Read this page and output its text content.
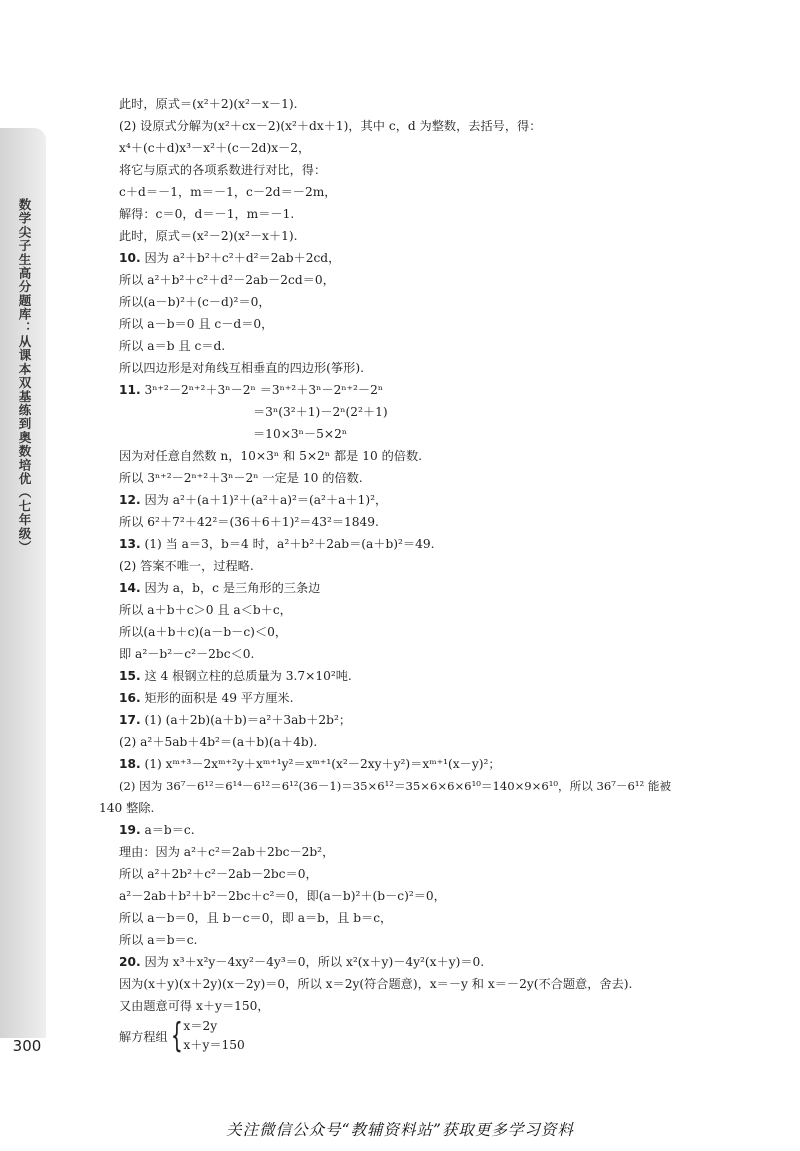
数学尖子生高分题库：从课本双基练到奥数培优（七年级）
300
此时，原式＝(x²＋2)(x²－x－1).
(2) 设原式分解为(x²＋cx－2)(x²＋dx＋1)，其中 c，d 为整数，去括号，得：
x⁴＋(c＋d)x³－x²＋(c－2d)x－2，
将它与原式的各项系数进行对比，得：
c＋d＝－1，m＝－1，c－2d＝－2m，
解得：c＝0，d＝－1，m＝－1.
此时，原式＝(x²－2)(x²－x＋1).
10. 因为 a²＋b²＋c²＋d²＝2ab＋2cd，
所以 a²＋b²＋c²＋d²－2ab－2cd＝0，
所以(a－b)²＋(c－d)²＝0，
所以 a－b＝0 且 c－d＝0，
所以 a＝b 且 c＝d.
所以四边形是对角线互相垂直的四边形(筝形).
11. 3ⁿ⁺²－2ⁿ⁺²＋3ⁿ－2ⁿ ＝3ⁿ⁺²＋3ⁿ－2ⁿ⁺²－2ⁿ
＝3ⁿ(3²＋1)－2ⁿ(2²＋1)
＝10×3ⁿ－5×2ⁿ
因为对任意自然数 n，10×3ⁿ 和 5×2ⁿ 都是 10 的倍数.
所以 3ⁿ⁺²－2ⁿ⁺²＋3ⁿ－2ⁿ 一定是 10 的倍数.
12. 因为 a²＋(a＋1)²＋(a²＋a)²＝(a²＋a＋1)²，
所以 6²＋7²＋42²＝(36＋6＋1)²＝43²＝1849.
13. (1) 当 a＝3，b＝4 时，a²＋b²＋2ab＝(a＋b)²＝49.
(2) 答案不唯一，过程略.
14. 因为 a，b，c 是三角形的三条边
所以 a＋b＋c＞0 且 a＜b＋c，
所以(a＋b＋c)(a－b－c)＜0，
即 a²－b²－c²－2bc＜0.
15. 这 4 根钢立柱的总质量为 3.7×10²吨.
16. 矩形的面积是 49 平方厘米.
17. (1) (a＋2b)(a＋b)＝a²＋3ab＋2b²；
(2) a²＋5ab＋4b²＝(a＋b)(a＋4b).
18. (1) xᵐ⁺³－2xᵐ⁺²y＋xᵐ⁺¹y²＝xᵐ⁺¹(x²－2xy＋y²)＝xᵐ⁺¹(x－y)²；
(2) 因为 36⁷－6¹²＝6¹⁴－6¹²＝6¹²(36－1)＝35×6¹²＝35×6×6×6¹⁰＝140×9×6¹⁰，所以 36⁷－6¹² 能被
140 整除.
19. a＝b＝c.
理由：因为 a²＋c²＝2ab＋2bc－2b²，
所以 a²＋2b²＋c²－2ab－2bc＝0，
a²－2ab＋b²＋b²－2bc＋c²＝0，即(a－b)²＋(b－c)²＝0，
所以 a－b＝0，且 b－c＝0，即 a＝b，且 b＝c，
所以 a＝b＝c.
20. 因为 x³＋x²y－4xy²－4y³＝0，所以 x²(x＋y)－4y²(x＋y)＝0.
因为(x＋y)(x＋2y)(x－2y)＝0，所以 x＝2y(符合题意)，x＝－y 和 x＝－2y(不合题意，舍去).
又由题意可得 x＋y＝150，
解方程组 { x＝2y
x＋y＝150
关注微信公众号“教辅资料站”获取更多学习资料
